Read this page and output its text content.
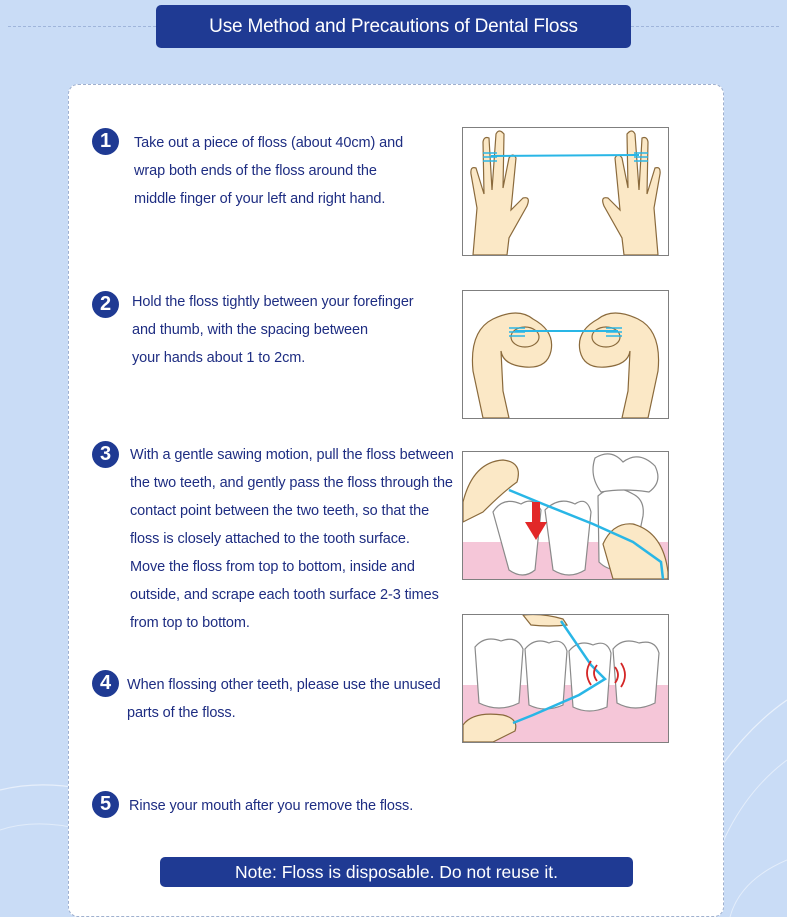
Use Method and Precautions of Dental Floss
1	Take out a piece of floss (about 40cm) and
wrap both ends of the floss around the
middle finger of your left and right hand.
2	Hold the floss tightly between your forefinger
and thumb, with the spacing between
your hands about 1 to 2cm.
3	With a gentle sawing motion, pull the floss between
the two teeth, and gently pass the floss through the
contact point between the two teeth, so that the
floss is closely attached to the tooth surface.
Move the floss from top to bottom, inside and
outside, and scrape each tooth surface 2-3 times
from top to bottom.
4	When flossing other teeth, please use the unused
parts of the floss.
5	Rinse your mouth after you remove the floss.
Note: Floss is disposable. Do not reuse it.
